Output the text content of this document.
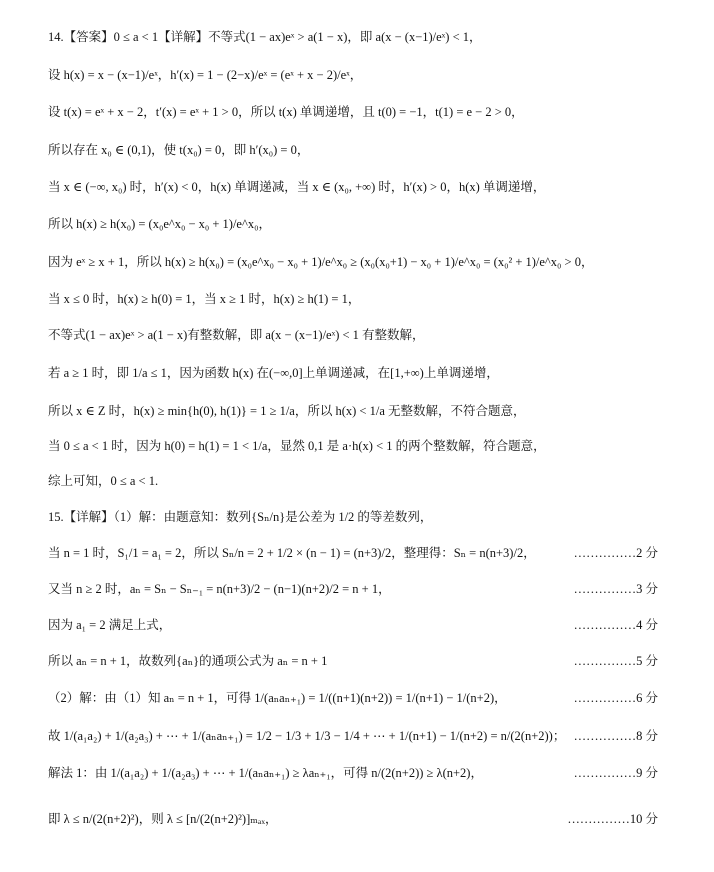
14.【答案】0 ≤ a < 1【详解】不等式(1 − ax)eˣ > a(1 − x)，即 a(x − (x−1)/eˣ) < 1，
设 h(x) = x − (x−1)/eˣ，h′(x) = 1 − (2−x)/eˣ = (eˣ + x − 2)/eˣ，
设 t(x) = eˣ + x − 2，t′(x) = eˣ + 1 > 0，所以 t(x) 单调递增，且 t(0) = −1，t(1) = e − 2 > 0，
所以存在 x₀ ∈ (0,1)，使 t(x₀) = 0，即 h′(x₀) = 0，
当 x ∈ (−∞, x₀) 时，h′(x) < 0，h(x) 单调递减，当 x ∈ (x₀, +∞) 时，h′(x) > 0，h(x) 单调递增，
所以 h(x) ≥ h(x₀) = (x₀e^x₀ − x₀ + 1)/e^x₀，
因为 eˣ ≥ x + 1，所以 h(x) ≥ h(x₀) = (x₀e^x₀ − x₀ + 1)/e^x₀ ≥ (x₀(x₀+1) − x₀ + 1)/e^x₀ = (x₀² + 1)/e^x₀ > 0，
当 x ≤ 0 时，h(x) ≥ h(0) = 1，当 x ≥ 1 时，h(x) ≥ h(1) = 1，
不等式(1 − ax)eˣ > a(1 − x)有整数解，即 a(x − (x−1)/eˣ) < 1 有整数解，
若 a ≥ 1 时，即 1/a ≤ 1，因为函数 h(x) 在(−∞,0]上单调递减，在[1,+∞)上单调递增，
所以 x ∈ Z 时，h(x) ≥ min{h(0), h(1)} = 1 ≥ 1/a，所以 h(x) < 1/a 无整数解，不符合题意，
当 0 ≤ a < 1 时，因为 h(0) = h(1) = 1 < 1/a，显然 0,1 是 a·h(x) < 1 的两个整数解，符合题意，
综上可知，0 ≤ a < 1.
15.【详解】（1）解：由题意知：数列{Sₙ/n}是公差为 1/2 的等差数列，
当 n = 1 时，S₁/1 = a₁ = 2，所以 Sₙ/n = 2 + 1/2 × (n − 1) = (n+3)/2，整理得：Sₙ = n(n+3)/2，	……………2 分
又当 n ≥ 2 时，aₙ = Sₙ − Sₙ₋₁ = n(n+3)/2 − (n−1)(n+2)/2 = n + 1，	……………3 分
因为 a₁ = 2 满足上式，	……………4 分
所以 aₙ = n + 1，故数列{aₙ}的通项公式为 aₙ = n + 1	……………5 分
（2）解：由（1）知 aₙ = n + 1，可得 1/(aₙaₙ₊₁) = 1/((n+1)(n+2)) = 1/(n+1) − 1/(n+2)，	……………6 分
故 1/(a₁a₂) + 1/(a₂a₃) + ⋯ + 1/(aₙaₙ₊₁) = 1/2 − 1/3 + 1/3 − 1/4 + ⋯ + 1/(n+1) − 1/(n+2) = n/(2(n+2))； ……………8 分
解法 1：由 1/(a₁a₂) + 1/(a₂a₃) + ⋯ + 1/(aₙaₙ₊₁) ≥ λaₙ₊₁，可得 n/(2(n+2)) ≥ λ(n+2)，	……………9 分
即 λ ≤ n/(2(n+2)²)，则 λ ≤ [n/(2(n+2)²)]ₘₐₓ，	……………10 分
